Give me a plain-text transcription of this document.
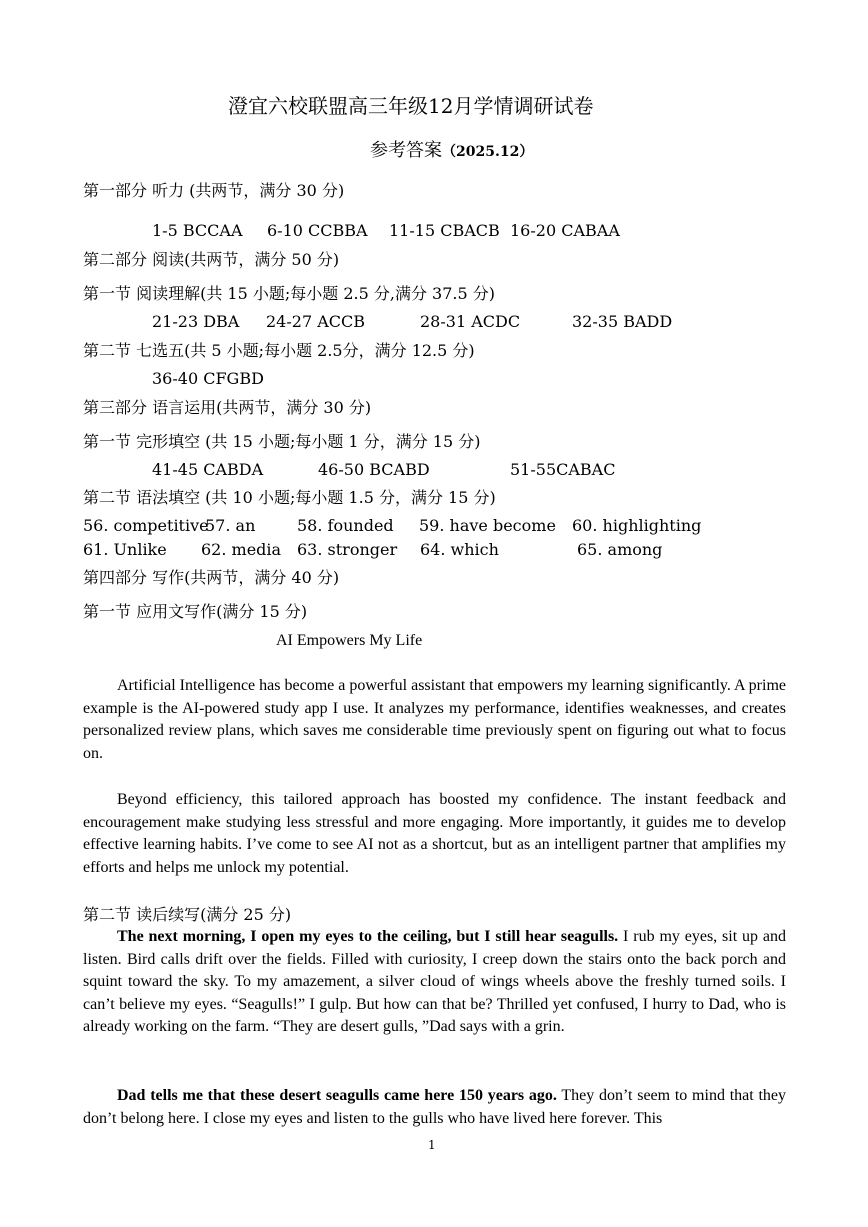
澄宜六校联盟高三年级12月学情调研试卷
参考答案（2025.12）
第一部分 听力 (共两节，满分 30 分)
1-5 BCCAA 6-10 CCBBA 11-15 CBACB 16-20 CABAA
第二部分 阅读(共两节，满分 50 分)
第一节 阅读理解(共 15 小题;每小题 2.5 分,满分 37.5 分)
21-23 DBA 24-27 ACCB	28-31 ACDC	32-35 BADD
第二节 七选五(共 5 小题;每小题 2.5分，满分 12.5 分)
36-40 CFGBD
第三部分 语言运用(共两节，满分 30 分)
第一节 完形填空 (共 15 小题;每小题 1 分，满分 15 分)
41-45 CABDA	46-50 BCABD	51-55CABAC
第二节 语法填空 (共 10 小题;每小题 1.5 分，满分 15 分)
56. competitive
57. an	58. founded 59. have become 60. highlighting
61. Unlike 62. media 63. stronger 64. which	65. among
第四部分 写作(共两节，满分 40 分)
第一节 应用文写作(满分 15 分)
AI Empowers My Life
Artificial Intelligence has become a powerful assistant that empowers my learning significantly. A prime example is the AI-powered study app I use. It analyzes my performance, identifies weaknesses, and creates personalized review plans, which saves me considerable time previously spent on figuring out what to focus on.
Beyond efficiency, this tailored approach has boosted my confidence. The instant feedback and encouragement make studying less stressful and more engaging. More importantly, it guides me to develop effective learning habits. I’ve come to see AI not as a shortcut, but as an intelligent partner that amplifies my efforts and helps me unlock my potential.
第二节 读后续写(满分 25 分)
The next morning, I open my eyes to the ceiling, but I still hear seagulls. I rub my eyes, sit up and listen. Bird calls drift over the fields. Filled with curiosity, I creep down the stairs onto the back porch and squint toward the sky. To my amazement, a silver cloud of wings wheels above the freshly turned soils. I can’t believe my eyes. “Seagulls!” I gulp. But how can that be? Thrilled yet confused, I hurry to Dad, who is already working on the farm. “They are desert gulls, ”Dad says with a grin.
Dad tells me that these desert seagulls came here 150 years ago. They don’t seem to mind that they don’t belong here. I close my eyes and listen to the gulls who have lived here forever. This
1
